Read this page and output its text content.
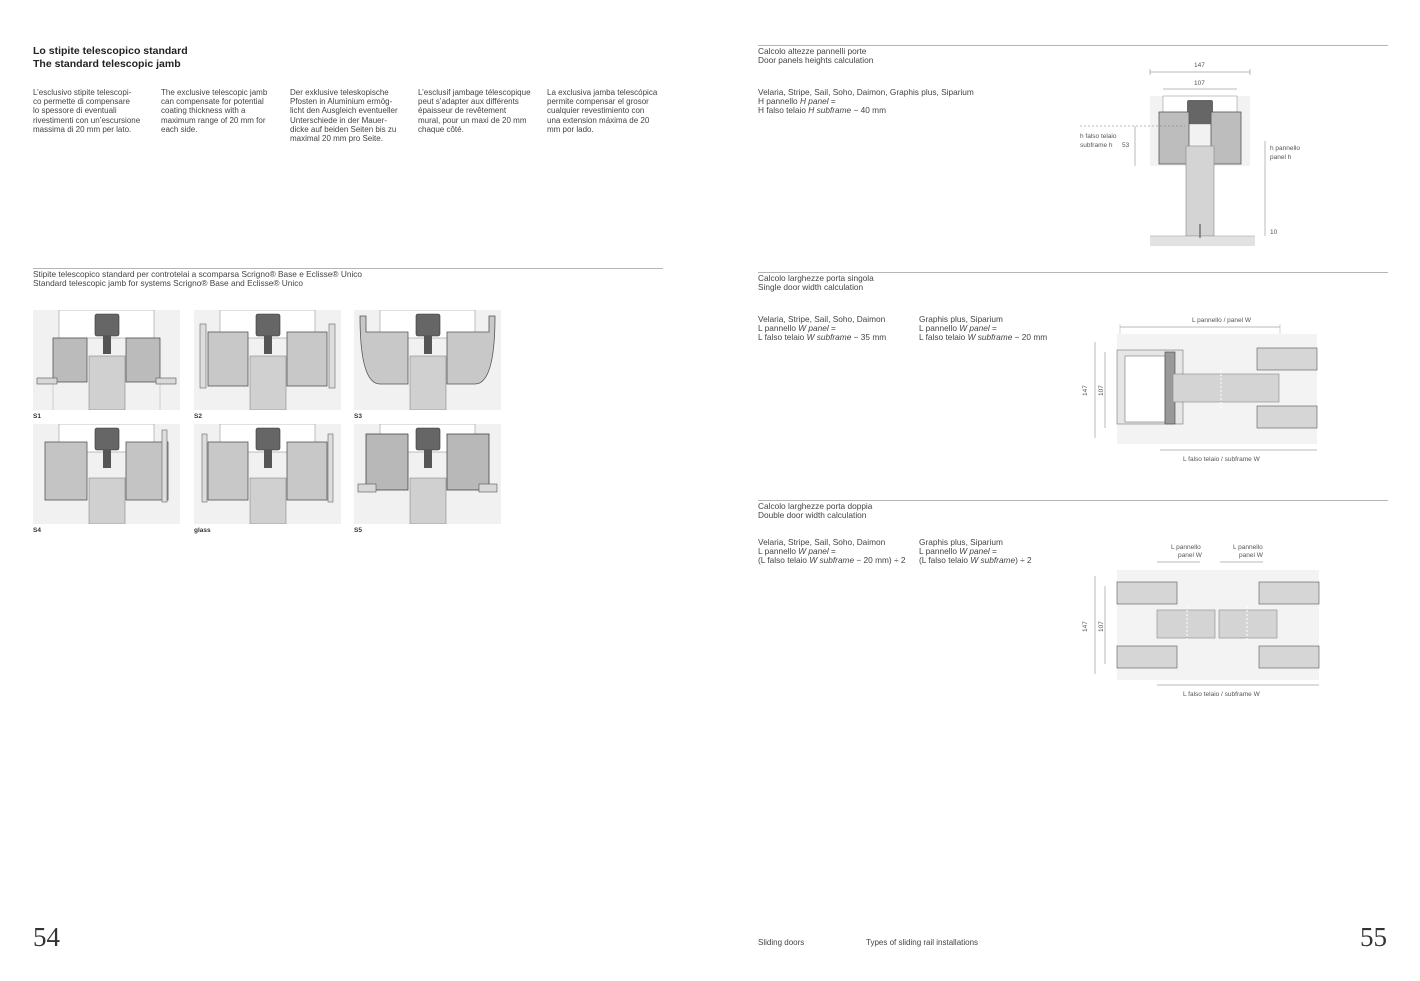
Lo stipite telescopico standard
The standard telescopic jamb
L’esclusivo stipite telescopi-
co permette di compensare
lo spessore di eventuali
rivestimenti con un’escursione
massima di 20 mm per lato.
The exclusive telescopic jamb
can compensate for potential
coating thickness with a
maximum range of 20 mm for
each side.
Der exklusive teleskopische
Pfosten in Aluminium ermög-
licht den Ausgleich eventueller
Unterschiede in der Mauer-
dicke auf beiden Seiten bis zu
maximal 20 mm pro Seite.
L’esclusif jambage télescopique
peut s’adapter aux différents
épaisseur de revêtement
mural, pour un maxi de 20 mm
chaque côté.
La exclusiva jamba telescópica
permite compensar el grosor
cualquier revestimiento con
una extension máxima de 20
mm por lado.
Stipite telescopico standard per controtelai a scomparsa Scrigno® Base e Eclisse® Unico
Standard telescopic jamb for systems Scrigno® Base and Eclisse® Unico
S1	S2	S3
S4	glass	S5
54
Calcolo altezze pannelli porte
Door panels heights calculation
Velaria, Stripe, Sail, Soho, Daimon, Graphis plus, Siparium
H pannello H panel =
H falso telaio H subframe − 40 mm
147
107
h falso telaio
subframe h 53	h pannello
panel h
10
Calcolo larghezze porta singola
Single door width calculation
Velaria, Stripe, Sail, Soho, Daimon
L pannello W panel =
L falso telaio W subframe − 35 mm
Graphis plus, Siparium
L pannello W panel =
L falso telaio W subframe − 20 mm
L pannello / panel W
147 107
L falso telaio / subframe W
Calcolo larghezze porta doppia
Double door width calculation
Velaria, Stripe, Sail, Soho, Daimon
L pannello W panel =
(L falso telaio W subframe − 20 mm) ÷ 2
Graphis plus, Siparium
L pannello W panel =
(L falso telaio W subframe) ÷ 2
L pannello
panel W
L pannello
panel W
147 107
L falso telaio / subframe W
Sliding doors	Types of sliding rail installations	55
